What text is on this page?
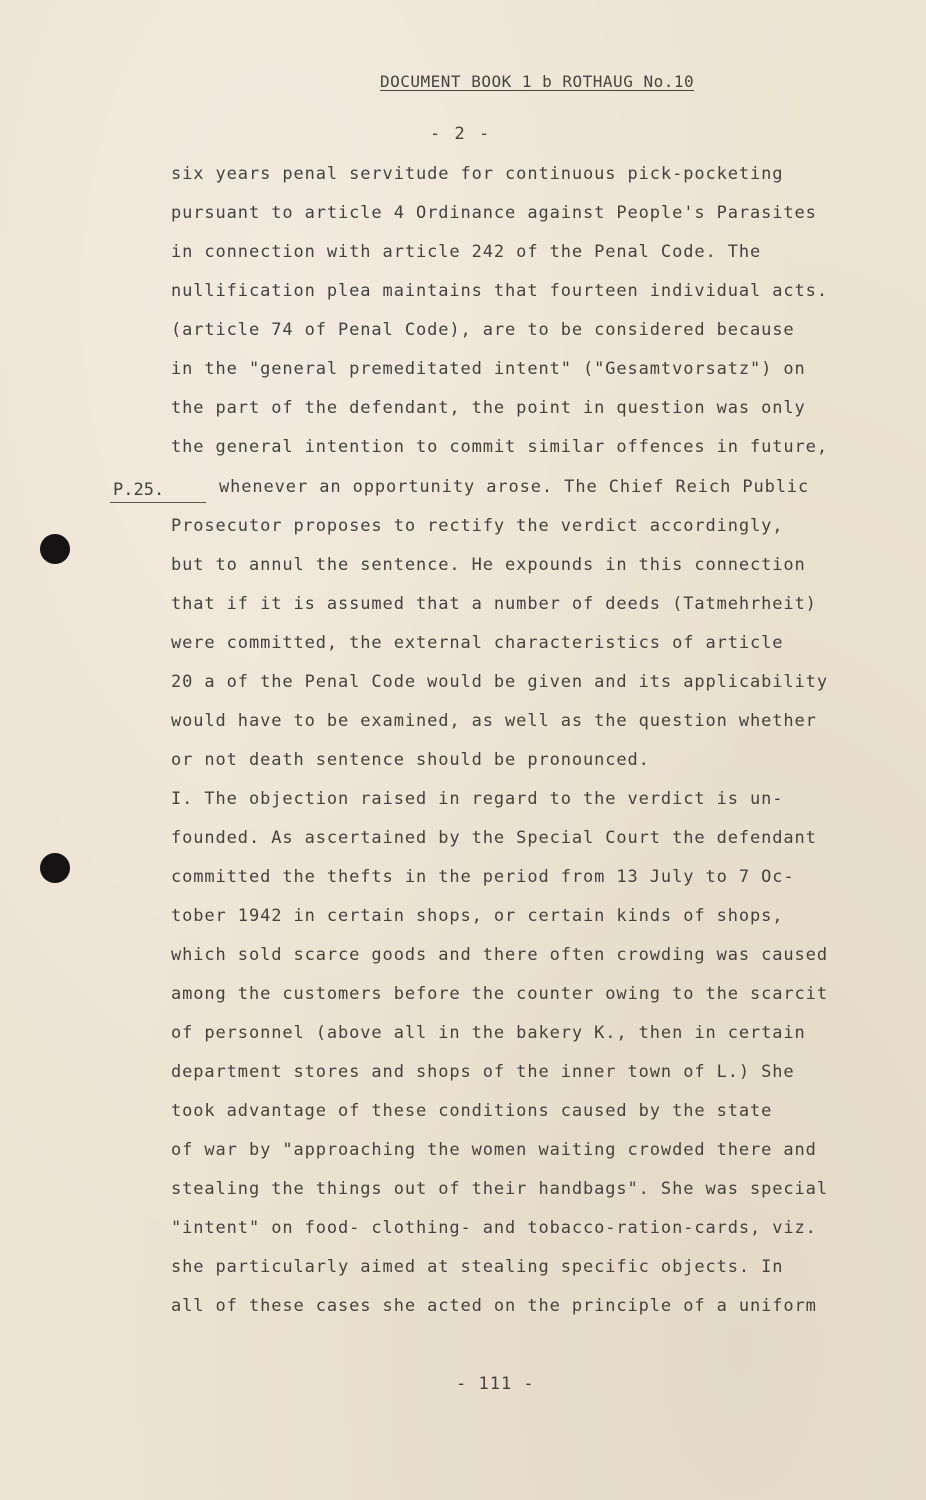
DOCUMENT BOOK 1 b ROTHAUG No.10
- 2 -
P.25.
six years penal servitude for continuous pick-pocketing
pursuant to article 4 Ordinance against People's Parasites
in connection with article 242 of the Penal Code. The
nullification plea maintains that fourteen individual acts.
(article 74 of Penal Code), are to be considered because
in the "general premeditated intent" ("Gesamtvorsatz") on
the part of the defendant, the point in question was only
the general intention to commit similar offences in future,
whenever an opportunity arose. The Chief Reich Public
Prosecutor proposes to rectify the verdict accordingly,
but to annul the sentence. He expounds in this connection
that if it is assumed that a number of deeds (Tatmehrheit)
were committed, the external characteristics of article
20 a of the Penal Code would be given and its applicability
would have to be examined, as well as the question whether
or not death sentence should be pronounced.
I. The objection raised in regard to the verdict is un-
founded. As ascertained by the Special Court the defendant
committed the thefts in the period from 13 July to 7 Oc-
tober 1942 in certain shops, or certain kinds of shops,
which sold scarce goods and there often crowding was caused
among the customers before the counter owing to the scarcit
of personnel (above all in the bakery K., then in certain
department stores and shops of the inner town of L.) She
took advantage of these conditions caused by the state
of war by "approaching the women waiting crowded there and
stealing the things out of their handbags". She was special
"intent" on food- clothing- and tobacco-ration-cards, viz.
she particularly aimed at stealing specific objects. In
all of these cases she acted on the principle of a uniform
- 111 -
